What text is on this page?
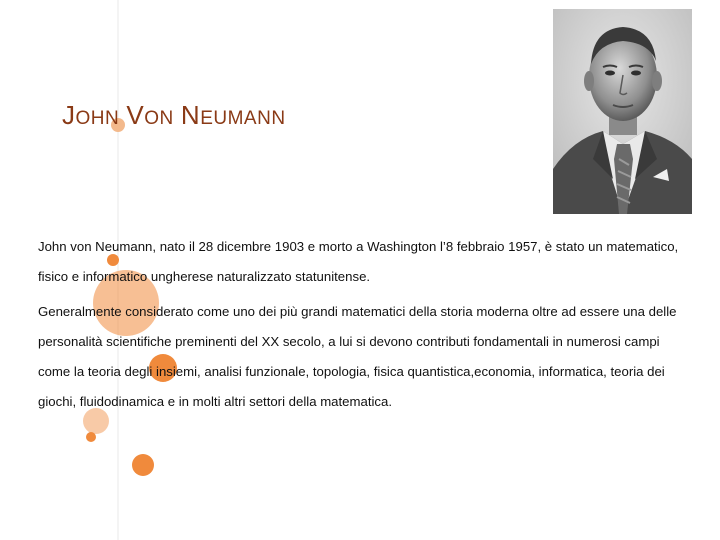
JOHN VON NEUMANN

John von Neumann, nato il 28 dicembre 1903 e morto a Washington l’8 febbraio 1957, è stato un matematico, fisico e informatico ungherese naturalizzato statunitense.

Generalmente considerato come uno dei più grandi matematici della storia moderna oltre ad essere una delle personalità scientifiche preminenti del XX secolo, a lui si devono contributi fondamentali in numerosi campi come la teoria degli insiemi, analisi funzionale, topologia, fisica quantistica,economia, informatica, teoria dei giochi, fluidodinamica e in molti altri settori della matematica.
